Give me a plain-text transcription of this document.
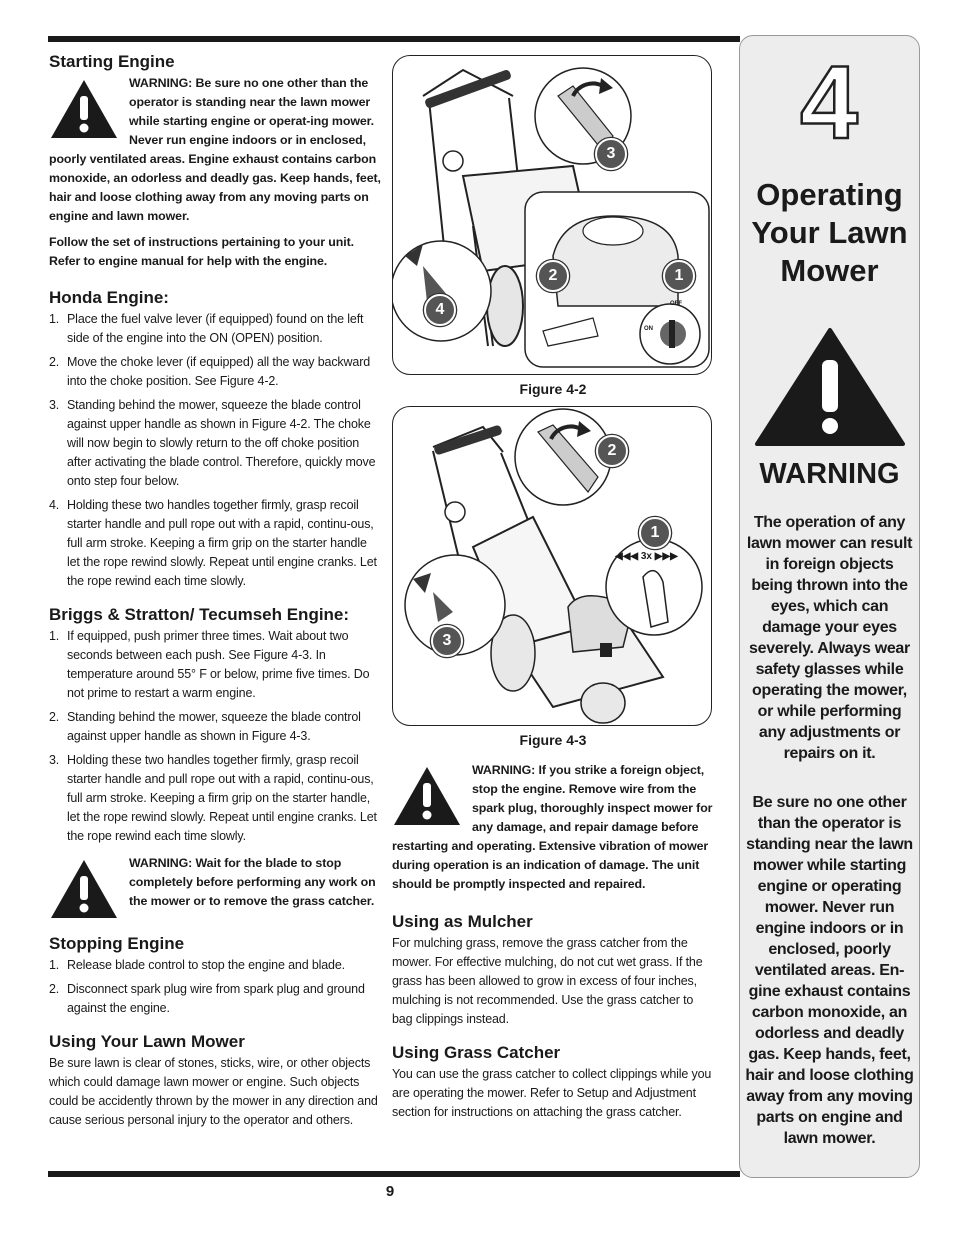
Starting Engine
WARNING: Be sure no one other than the operator is standing near the lawn mower while starting engine or operat-ing mower. Never run engine indoors or in enclosed, poorly ventilated areas. Engine exhaust contains carbon monoxide, an odorless and deadly gas. Keep hands, feet, hair and loose clothing away from any moving parts on engine and lawn mower.
Follow the set of instructions pertaining to your unit. Refer to engine manual for help with the engine.
Honda Engine:
1. Place the fuel valve lever (if equipped) found on the left side of the engine into the ON (OPEN) position.
2. Move the choke lever (if equipped) all the way backward into the choke position. See Figure 4-2.
3. Standing behind the mower, squeeze the blade control against upper handle as shown in Figure 4-2. The choke will now begin to slowly return to the off choke position after activating the blade control. Therefore, quickly move onto step four below.
4. Holding these two handles together firmly, grasp recoil starter handle and pull rope out with a rapid, continu-ous, full arm stroke. Keeping a firm grip on the starter handle let the rope rewind slowly. Repeat until engine cranks. Let the rope rewind each time slowly.
Briggs & Stratton/ Tecumseh Engine:
1. If equipped, push primer three times. Wait about two seconds between each push. See Figure 4-3. In temperature around 55° F or below, prime five times. Do not prime to restart a warm engine.
2. Standing behind the mower, squeeze the blade control against upper handle as shown in Figure 4-3.
3. Holding these two handles together firmly, grasp recoil starter handle and pull rope out with a rapid, continu-ous, full arm stroke. Keeping a firm grip on the starter handle, let the rope rewind slowly. Repeat until engine cranks. Let the rope rewind each time slowly.
WARNING: Wait for the blade to stop completely before performing any work on the mower or to remove the grass catcher.
Stopping Engine
1. Release blade control to stop the engine and blade.
2. Disconnect spark plug wire from spark plug and ground against the engine.
Using Your Lawn Mower
Be sure lawn is clear of stones, sticks, wire, or other objects which could damage lawn mower or engine. Such objects could be accidently thrown by the mower in any direction and cause serious personal injury to the operator and others.
3
2	1
4	OFF
ON
Figure 4-2
2
1
3
◀◀◀ 3x ▶▶▶
Figure 4-3
WARNING: If you strike a foreign object, stop the engine. Remove wire from the spark plug, thoroughly inspect mower for any damage, and repair damage before restarting and operating. Extensive vibration of mower during operation is an indication of damage. The unit should be promptly inspected and repaired.
Using as Mulcher
For mulching grass, remove the grass catcher from the mower. For effective mulching, do not cut wet grass. If the grass has been allowed to grow in excess of four inches, mulching is not recommended. Use the grass catcher to bag clippings instead.
Using Grass Catcher
You can use the grass catcher to collect clippings while you are operating the mower. Refer to Setup and Adjustment section for instructions on attaching the grass catcher.
4
Operating
Your Lawn
Mower
WARNING
The operation of any lawn mower can result in foreign objects being thrown into the eyes, which can damage your eyes severely. Always wear safety glasses while operating the mower, or while performing any adjustments or repairs on it.
Be sure no one other than the operator is standing near the lawn mower while starting engine or operating mower. Never run engine indoors or in enclosed, poorly ventilated areas. En-gine exhaust contains carbon monoxide, an odorless and deadly gas. Keep hands, feet, hair and loose clothing away from any moving parts on engine and lawn mower.
9
